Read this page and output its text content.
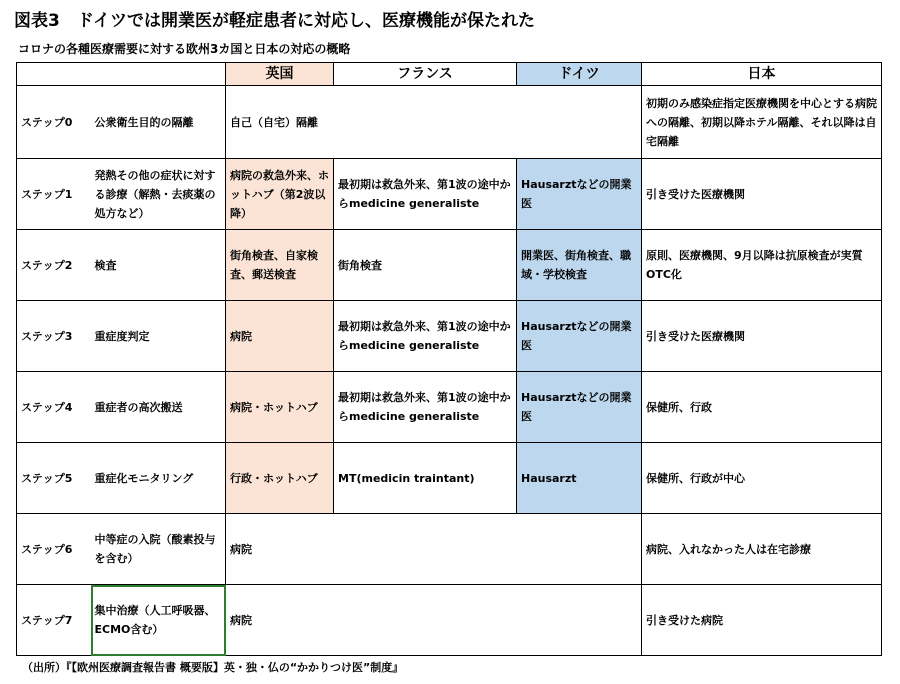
図表3　ドイツでは開業医が軽症患者に対応し、医療機能が保たれた
コロナの各種医療需要に対する欧州3カ国と日本の対応の概略
		英国	フランス	ドイツ	日本
ステップ0	公衆衛生目的の隔離	自己（自宅）隔離			初期のみ感染症指定医療機関を中心とする病院への隔離、初期以降ホテル隔離、それ以降は自宅隔離
ステップ1	発熱その他の症状に対する診療（解熱・去痰薬の処方など）	病院の救急外来、ホットハブ（第2波以降）	最初期は救急外来、第1波の途中からmedicine generaliste	Hausarztなどの開業医	引き受けた医療機関
ステップ2	検査	街角検査、自家検査、郵送検査	街角検査	開業医、街角検査、職域・学校検査	原則、医療機関、9月以降は抗原検査が実質OTC化
ステップ3	重症度判定	病院	最初期は救急外来、第1波の途中からmedicine generaliste	Hausarztなどの開業医	引き受けた医療機関
ステップ4	重症者の高次搬送	病院・ホットハブ	最初期は救急外来、第1波の途中からmedicine generaliste	Hausarztなどの開業医	保健所、行政
ステップ5	重症化モニタリング	行政・ホットハブ	MT(medicin traintant)	Hausarzt	保健所、行政が中心
ステップ6	中等症の入院（酸素投与を含む）	病院			病院、入れなかった人は在宅診療
ステップ7	集中治療（人工呼吸器、ECMO含む）	病院			引き受けた病院
（出所）『【欧州医療調査報告書 概要版】英・独・仏の“かかりつけ医”制度』
